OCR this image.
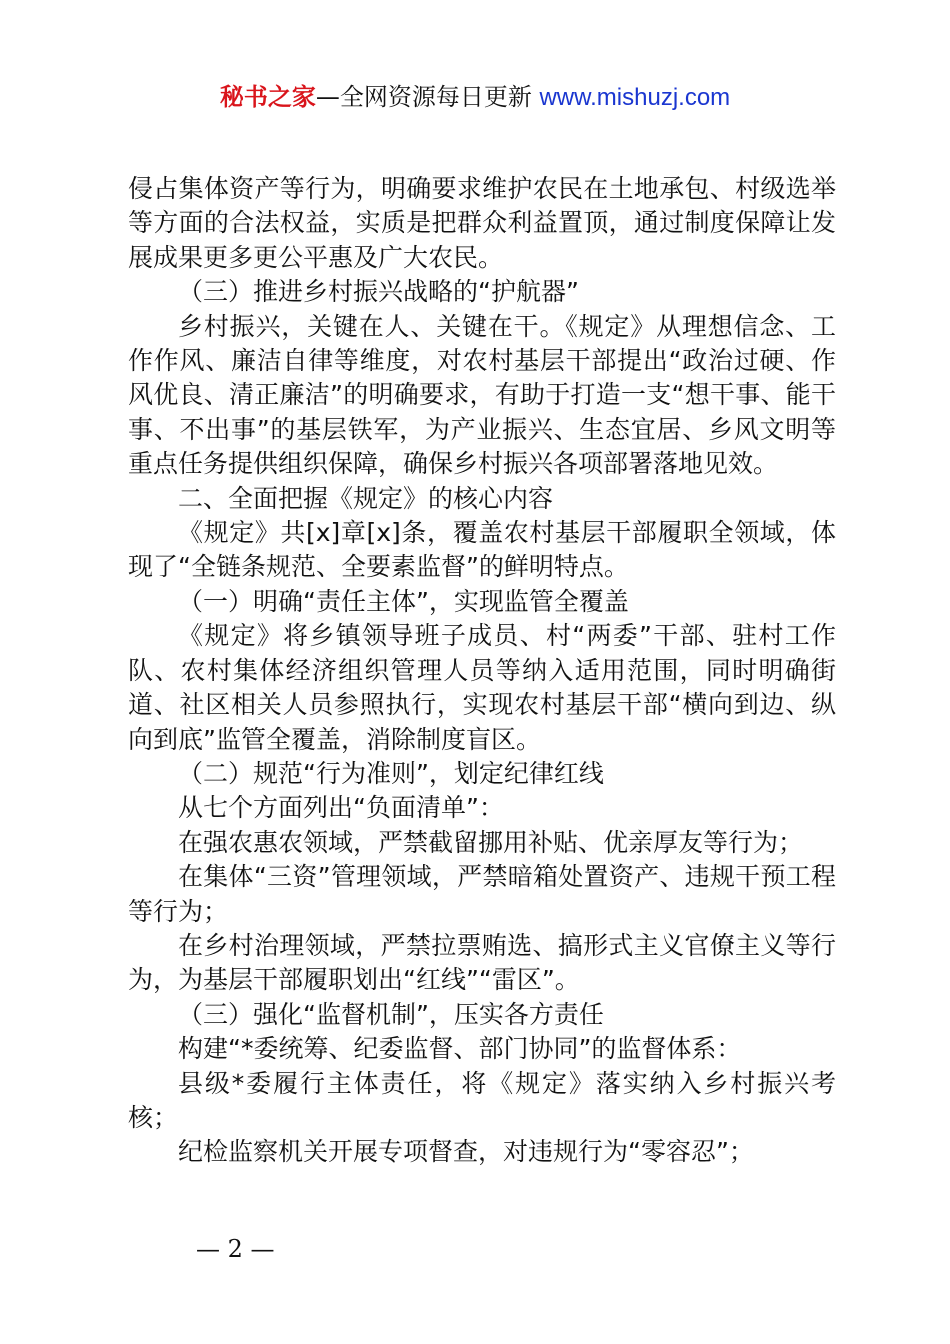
秘书之家—全网资源每日更新 www.mishuzj.com

侵占集体资产等行为，明确要求维护农民在土地承包、村级选举等方面的合法权益，实质是把群众利益置顶，通过制度保障让发展成果更多更公平惠及广大农民。

（三）推进乡村振兴战略的“护航器”

乡村振兴，关键在人、关键在干。《规定》从理想信念、工作作风、廉洁自律等维度，对农村基层干部提出“政治过硬、作风优良、清正廉洁”的明确要求，有助于打造一支“想干事、能干事、不出事”的基层铁军，为产业振兴、生态宜居、乡风文明等重点任务提供组织保障，确保乡村振兴各项部署落地见效。

二、全面把握《规定》的核心内容

《规定》共[x]章[x]条，覆盖农村基层干部履职全领域，体现了“全链条规范、全要素监督”的鲜明特点。

（一）明确“责任主体”，实现监管全覆盖

《规定》将乡镇领导班子成员、村“两委”干部、驻村工作队、农村集体经济组织管理人员等纳入适用范围，同时明确街道、社区相关人员参照执行，实现农村基层干部“横向到边、纵向到底”监管全覆盖，消除制度盲区。

（二）规范“行为准则”，划定纪律红线

从七个方面列出“负面清单”：

在强农惠农领域，严禁截留挪用补贴、优亲厚友等行为；

在集体“三资”管理领域，严禁暗箱处置资产、违规干预工程等行为；

在乡村治理领域，严禁拉票贿选、搞形式主义官僚主义等行为，为基层干部履职划出“红线”“雷区”。

（三）强化“监督机制”，压实各方责任

构建“*委统筹、纪委监督、部门协同”的监督体系：

县级*委履行主体责任，将《规定》落实纳入乡村振兴考核；

纪检监察机关开展专项督查，对违规行为“零容忍”；

— 2 —
